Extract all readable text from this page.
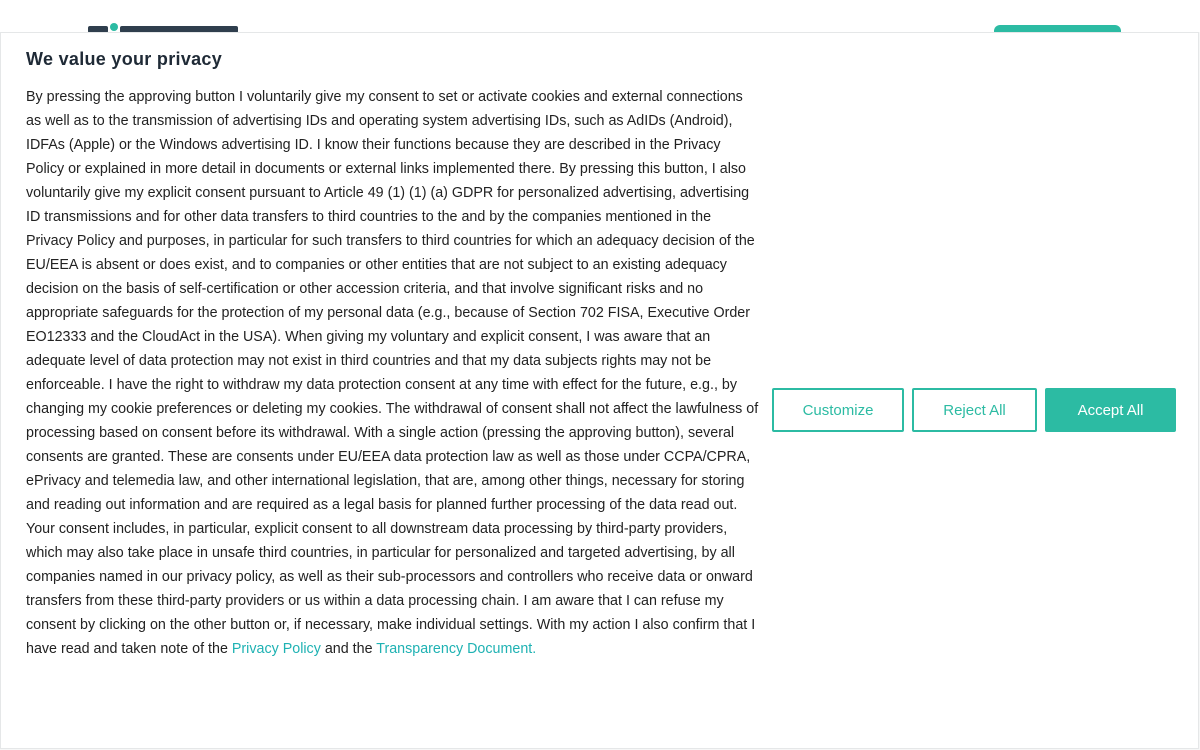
We value your privacy

By pressing the approving button I voluntarily give my consent to set or activate cookies and external connections as well as to the transmission of advertising IDs and operating system advertising IDs, such as AdIDs (Android), IDFAs (Apple) or the Windows advertising ID. I know their functions because they are described in the Privacy Policy or explained in more detail in documents or external links implemented there. By pressing this button, I also voluntarily give my explicit consent pursuant to Article 49 (1) (1) (a) GDPR for personalized advertising, advertising ID transmissions and for other data transfers to third countries to the and by the companies mentioned in the Privacy Policy and purposes, in particular for such transfers to third countries for which an adequacy decision of the EU/EEA is absent or does exist, and to companies or other entities that are not subject to an existing adequacy decision on the basis of self-certification or other accession criteria, and that involve significant risks and no appropriate safeguards for the protection of my personal data (e.g., because of Section 702 FISA, Executive Order EO12333 and the CloudAct in the USA). When giving my voluntary and explicit consent, I was aware that an adequate level of data protection may not exist in third countries and that my data subjects rights may not be enforceable. I have the right to withdraw my data protection consent at any time with effect for the future, e.g., by changing my cookie preferences or deleting my cookies. The withdrawal of consent shall not affect the lawfulness of processing based on consent before its withdrawal. With a single action (pressing the approving button), several consents are granted. These are consents under EU/EEA data protection law as well as those under CCPA/CPRA, ePrivacy and telemedia law, and other international legislation, that are, among other things, necessary for storing and reading out information and are required as a legal basis for planned further processing of the data read out. Your consent includes, in particular, explicit consent to all downstream data processing by third-party providers, which may also take place in unsafe third countries, in particular for personalized and targeted advertising, by all companies named in our privacy policy, as well as their sub-processors and controllers who receive data or onward transfers from these third-party providers or us within a data processing chain. I am aware that I can refuse my consent by clicking on the other button or, if necessary, make individual settings. With my action I also confirm that I have read and taken note of the Privacy Policy and the Transparency Document.

Customize	Reject All	Accept All
